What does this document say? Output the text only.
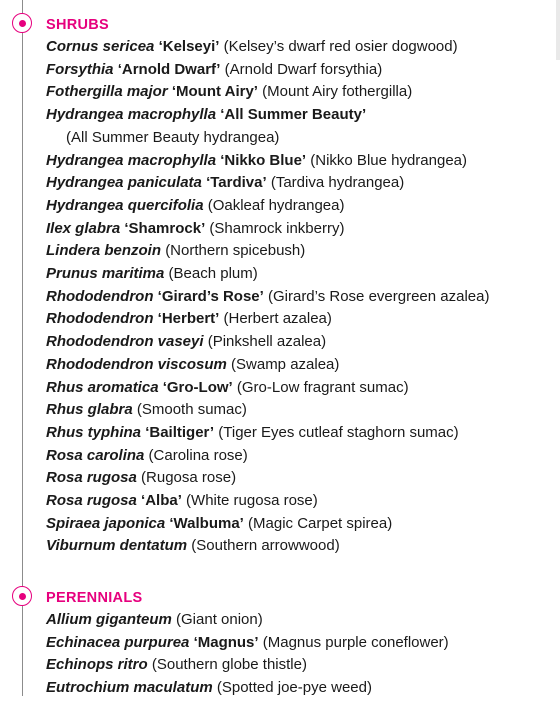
SHRUBS
Cornus sericea ‘Kelseyi’ (Kelsey’s dwarf red osier dogwood)
Forsythia ‘Arnold Dwarf’ (Arnold Dwarf forsythia)
Fothergilla major ‘Mount Airy’ (Mount Airy fothergilla)
Hydrangea macrophylla ‘All Summer Beauty’
(All Summer Beauty hydrangea)
Hydrangea macrophylla ‘Nikko Blue’ (Nikko Blue hydrangea)
Hydrangea paniculata ‘Tardiva’ (Tardiva hydrangea)
Hydrangea quercifolia (Oakleaf hydrangea)
Ilex glabra ‘Shamrock’ (Shamrock inkberry)
Lindera benzoin (Northern spicebush)
Prunus maritima (Beach plum)
Rhododendron ‘Girard’s Rose’ (Girard’s Rose evergreen azalea)
Rhododendron ‘Herbert’ (Herbert azalea)
Rhododendron vaseyi (Pinkshell azalea)
Rhododendron viscosum (Swamp azalea)
Rhus aromatica ‘Gro-Low’ (Gro-Low fragrant sumac)
Rhus glabra (Smooth sumac)
Rhus typhina ‘Bailtiger’ (Tiger Eyes cutleaf staghorn sumac)
Rosa carolina (Carolina rose)
Rosa rugosa (Rugosa rose)
Rosa rugosa ‘Alba’ (White rugosa rose)
Spiraea japonica ‘Walbuma’ (Magic Carpet spirea)
Viburnum dentatum (Southern arrowwood)
PERENNIALS
Allium giganteum (Giant onion)
Echinacea purpurea ‘Magnus’ (Magnus purple coneflower)
Echinops ritro (Southern globe thistle)
Eutrochium maculatum (Spotted joe-pye weed)
